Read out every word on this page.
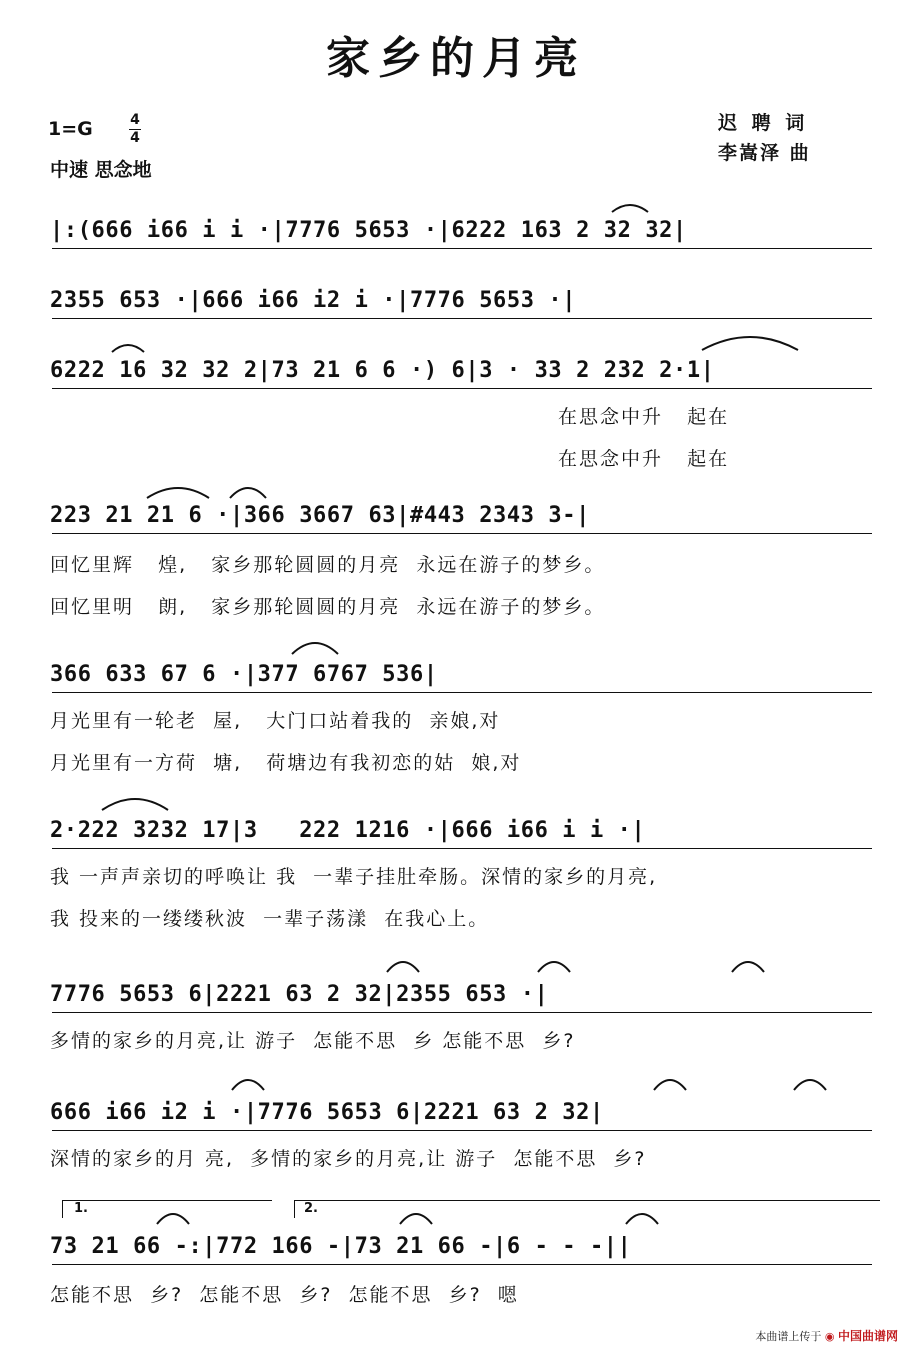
家乡的月亮
1=G	4
4
中速 思念地
迟 聘 词
李嵩泽 曲
|:(666 i66 i i ·|7776 5653 ·|6222 163 2 32 32|
2355 653 ·|666 i66 i2 i ·|7776 5653 ·|
6222 16 32 32 2|73 21 6 6 ·) 6|3 · 33 2 232 2·1|
在思念中升   起在
在思念中升   起在
223 21 21 6 ·|366 3667 63|#443 2343 3-|
回忆里辉   煌,   家乡那轮圆圆的月亮  永远在游子的梦乡。
回忆里明   朗,   家乡那轮圆圆的月亮  永远在游子的梦乡。
366 633 67 6 ·|377 6767 536|
月光里有一轮老  屋,   大门口站着我的  亲娘,对
月光里有一方荷  塘,   荷塘边有我初恋的姑  娘,对
2·222 3232 17|3   222 1216 ·|666 i66 i i ·|
我 一声声亲切的呼唤让 我  一辈子挂肚牵肠。深情的家乡的月亮,
我 投来的一缕缕秋波  一辈子荡漾  在我心上。
7776 5653 6|2221 63 2 32|2355 653 ·|
多情的家乡的月亮,让 游子  怎能不思  乡 怎能不思  乡?
666 i66 i2 i ·|7776 5653 6|2221 63 2 32|
深情的家乡的月 亮,  多情的家乡的月亮,让 游子  怎能不思  乡?
1.	2.
73 21 66 -:|772 166 -|73 21 66 -|6 - - -||
怎能不思  乡?  怎能不思  乡?  怎能不思  乡?  嗯
本曲谱上传于 ◉ 中国曲谱网
